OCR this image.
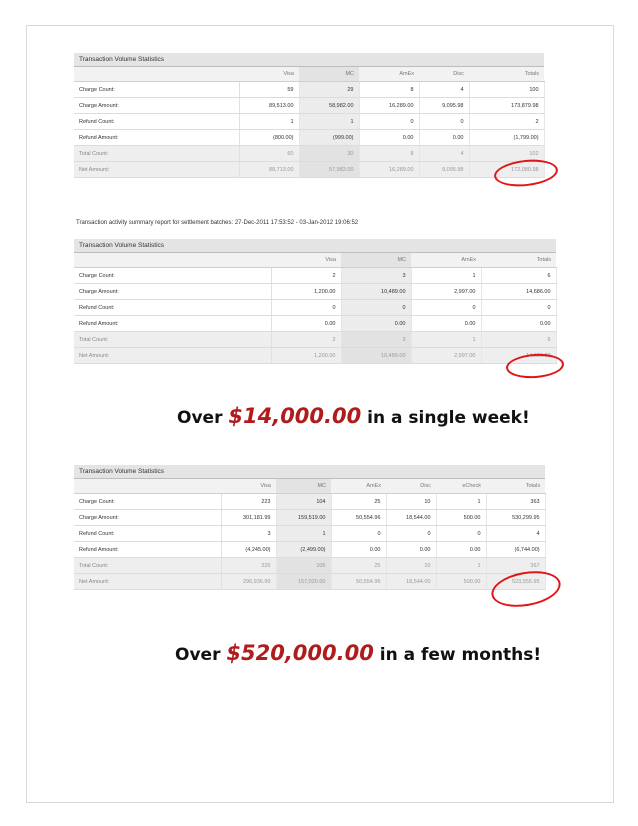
Transaction Volume Statistics					
	Visa	MC	AmEx	Disc	Totals
Charge Count:	59	29	8	4	100
Charge Amount:	89,513.00	58,982.00	16,289.00	9,095.98	173,879.98
Refund Count:	1	1	0	0	2
Refund Amount:	(800.00)	(999.00)	0.00	0.00	(1,799.00)
Total Count:	60	30	8	4	102
Net Amount:	88,713.00	57,983.00	16,289.00	9,095.98	172,080.98
Transaction activity summary report for settlement batches: 27-Dec-2011 17:53:52 - 03-Jan-2012 19:06:52
Transaction Volume Statistics				
	Visa	MC	AmEx	Totals
Charge Count:	2	3	1	6
Charge Amount:	1,200.00	10,489.00	2,997.00	14,686.00
Refund Count:	0	0	0	0
Refund Amount:	0.00	0.00	0.00	0.00
Total Count:	2	3	1	6
Net Amount:	1,200.00	10,489.00	2,997.00	14,686.00
Over $14,000.00 in a single week!
Transaction Volume Statistics						
	Visa	MC	AmEx	Disc	eCheck	Totals
Charge Count:	223	104	25	10	1	363
Charge Amount:	301,181.99	159,519.00	50,554.96	18,544.00	500.00	530,299.95
Refund Count:	3	1	0	0	0	4
Refund Amount:	(4,245.00)	(2,499.00)	0.00	0.00	0.00	(6,744.00)
Total Count:	226	105	25	10	1	367
Net Amount:	296,936.99	157,020.00	50,554.96	18,544.00	500.00	523,555.95
Over $520,000.00 in a few months!
